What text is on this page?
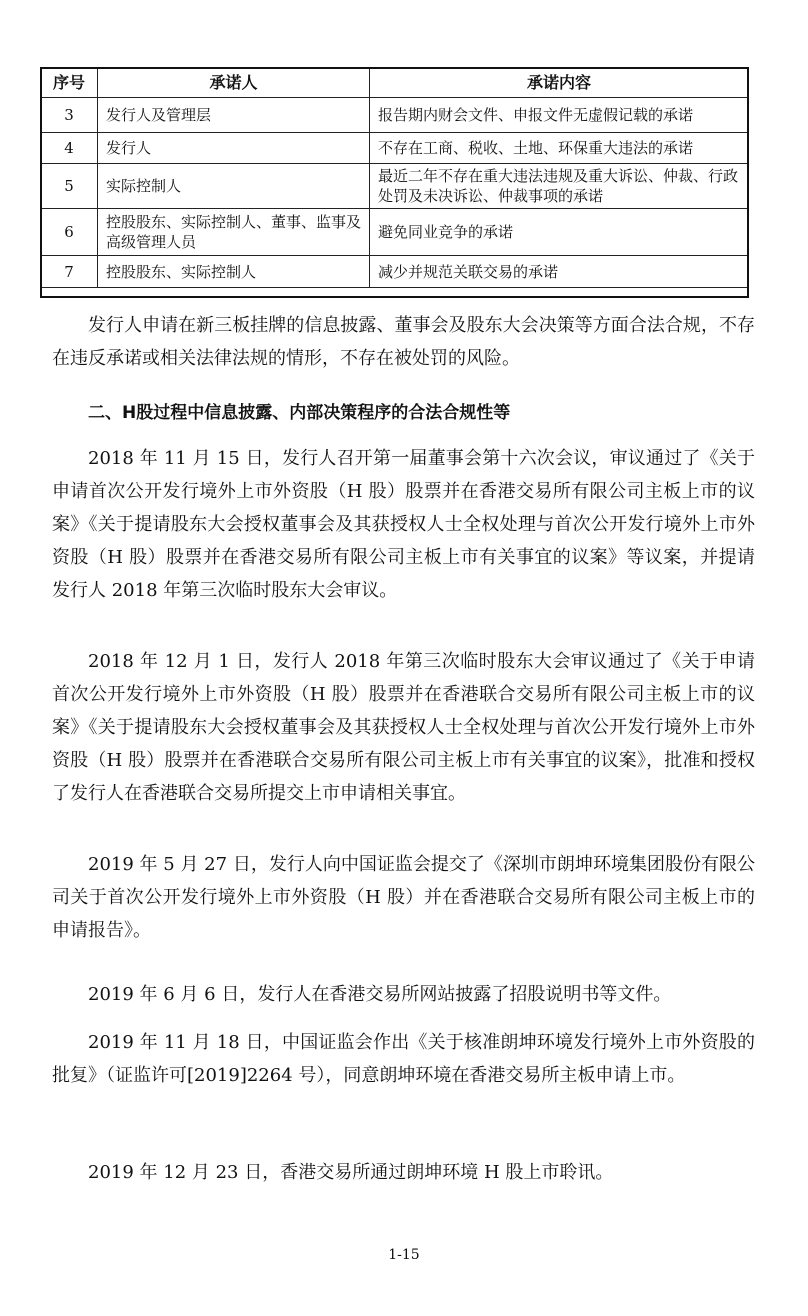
序号	承诺人	承诺内容
3	发行人及管理层	报告期内财会文件、申报文件无虚假记载的承诺
4	发行人	不存在工商、税收、土地、环保重大违法的承诺
5	实际控制人	最近二年不存在重大违法违规及重大诉讼、仲裁、行政处罚及未决诉讼、仲裁事项的承诺
6	控股股东、实际控制人、董事、监事及高级管理人员	避免同业竞争的承诺
7	控股股东、实际控制人	减少并规范关联交易的承诺

发行人申请在新三板挂牌的信息披露、董事会及股东大会决策等方面合法合规，不存在违反承诺或相关法律法规的情形，不存在被处罚的风险。

二、H股过程中信息披露、内部决策程序的合法合规性等

2018 年 11 月 15 日，发行人召开第一届董事会第十六次会议，审议通过了《关于申请首次公开发行境外上市外资股（H 股）股票并在香港交易所有限公司主板上市的议案》《关于提请股东大会授权董事会及其获授权人士全权处理与首次公开发行境外上市外资股（H 股）股票并在香港交易所有限公司主板上市有关事宜的议案》等议案，并提请发行人 2018 年第三次临时股东大会审议。

2018 年 12 月 1 日，发行人 2018 年第三次临时股东大会审议通过了《关于申请首次公开发行境外上市外资股（H 股）股票并在香港联合交易所有限公司主板上市的议案》《关于提请股东大会授权董事会及其获授权人士全权处理与首次公开发行境外上市外资股（H 股）股票并在香港联合交易所有限公司主板上市有关事宜的议案》，批准和授权了发行人在香港联合交易所提交上市申请相关事宜。

2019 年 5 月 27 日，发行人向中国证监会提交了《深圳市朗坤环境集团股份有限公司关于首次公开发行境外上市外资股（H 股）并在香港联合交易所有限公司主板上市的申请报告》。

2019 年 6 月 6 日，发行人在香港交易所网站披露了招股说明书等文件。

2019 年 11 月 18 日，中国证监会作出《关于核准朗坤环境发行境外上市外资股的批复》（证监许可[2019]2264 号），同意朗坤环境在香港交易所主板申请上市。

2019 年 12 月 23 日，香港交易所通过朗坤环境 H 股上市聆讯。

1-15
